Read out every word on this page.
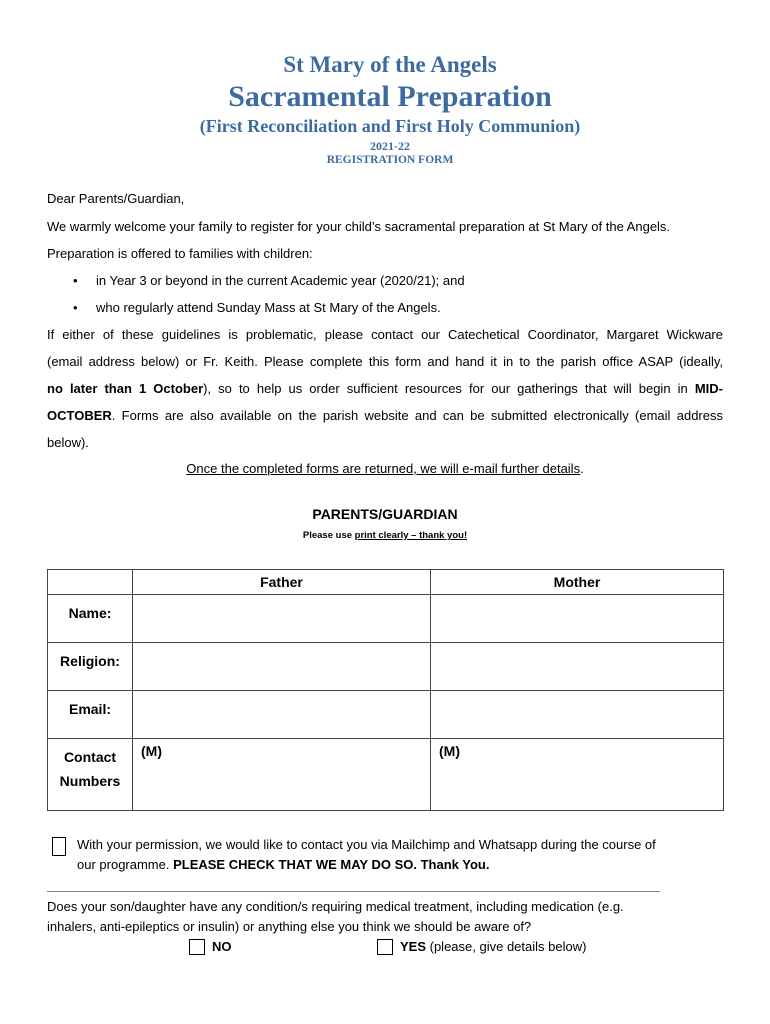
St Mary of the Angels
Sacramental Preparation
(First Reconciliation and First Holy Communion)
2021-22
REGISTRATION FORM
Dear Parents/Guardian,
We warmly welcome your family to register for your child’s sacramental preparation at St Mary of the Angels.
Preparation is offered to families with children:
• in Year 3 or beyond in the current Academic year (2020/21); and
• who regularly attend Sunday Mass at St Mary of the Angels.
If either of these guidelines is problematic, please contact our Catechetical Coordinator, Margaret Wickware
(email address below) or Fr. Keith. Please complete this form and hand it in to the parish office ASAP (ideally,
no later than 1 October), so to help us order sufficient resources for our gatherings that will begin in MID-
OCTOBER. Forms are also available on the parish website and can be submitted electronically (email address
below).
Once the completed forms are returned, we will e-mail further details.
PARENTS/GUARDIAN
Please use print clearly – thank you!
	Father	Mother
Name:		
Religion:		
Email:		

Contact
Numbers	(M)	(M)
With your permission, we would like to contact you via Mailchimp and Whatsapp during the course of
our programme. PLEASE CHECK THAT WE MAY DO SO. Thank You.
Does your son/daughter have any condition/s requiring medical treatment, including medication (e.g.
inhalers, anti-epileptics or insulin) or anything else you think we should be aware of?
NO	YES (please, give details below)
